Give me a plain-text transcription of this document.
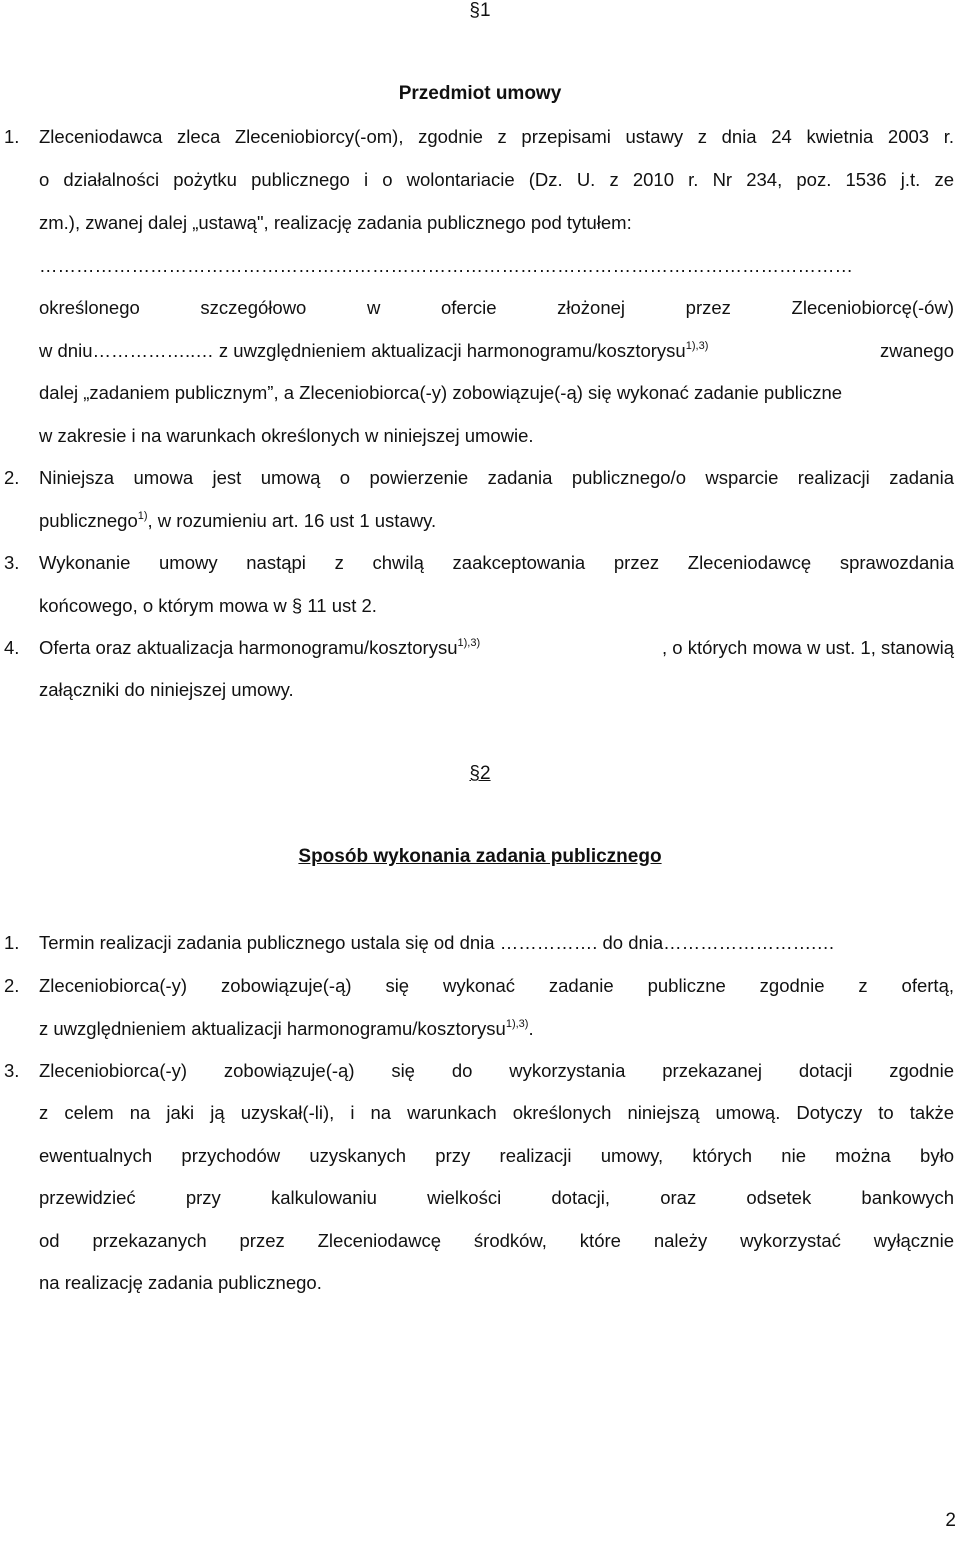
§1
Przedmiot umowy
1. Zleceniodawca zleca Zleceniobiorcy(-om), zgodnie z przepisami ustawy z dnia 24 kwietnia 2003 r.
o działalności pożytku publicznego i o wolontariacie (Dz. U. z 2010 r. Nr 234, poz. 1536 j.t. ze
zm.), zwanej dalej „ustawą", realizację zadania publicznego pod tytułem:
……………………………………………………………………………………………………………………
określonego szczegółowo w ofercie złożonej przez Zleceniobiorcę(-ów)
w dniu……………..… z uwzględnieniem aktualizacji harmonogramu/kosztorysu$^{1),3)}$	zwanego
dalej „zadaniem publicznym”, a Zleceniobiorca(-y) zobowiązuje(-ą) się wykonać zadanie publiczne
w zakresie i na warunkach określonych w niniejszej umowie.
2. Niniejsza umowa jest umową o powierzenie zadania publicznego/o wsparcie realizacji zadania
publicznego$^{1)}$, w rozumieniu art. 16 ust 1 ustawy.
3. Wykonanie umowy nastąpi z chwilą zaakceptowania przez Zleceniodawcę sprawozdania
końcowego, o którym mowa w § 11 ust 2.
4. Oferta oraz aktualizacja harmonogramu/kosztorysu$^{1),3)}$	, o których mowa w ust. 1, stanowią
załączniki do niniejszej umowy.
§2
Sposób wykonania zadania publicznego
1. Termin realizacji zadania publicznego ustala się od dnia ……………. do dnia…………………….…
2. Zleceniobiorca(-y) zobowiązuje(-ą) się wykonać zadanie publiczne zgodnie z ofertą,
z uwzględnieniem aktualizacji harmonogramu/kosztorysu$^{1),3)}$.
3. Zleceniobiorca(-y) zobowiązuje(-ą) się do wykorzystania przekazanej dotacji zgodnie
z celem na jaki ją uzyskał(-li), i na warunkach określonych niniejszą umową. Dotyczy to także
ewentualnych przychodów uzyskanych przy realizacji umowy, których nie można było
przewidzieć przy kalkulowaniu wielkości dotacji, oraz odsetek bankowych
od przekazanych przez Zleceniodawcę środków, które należy wykorzystać wyłącznie
na realizację zadania publicznego.
2
